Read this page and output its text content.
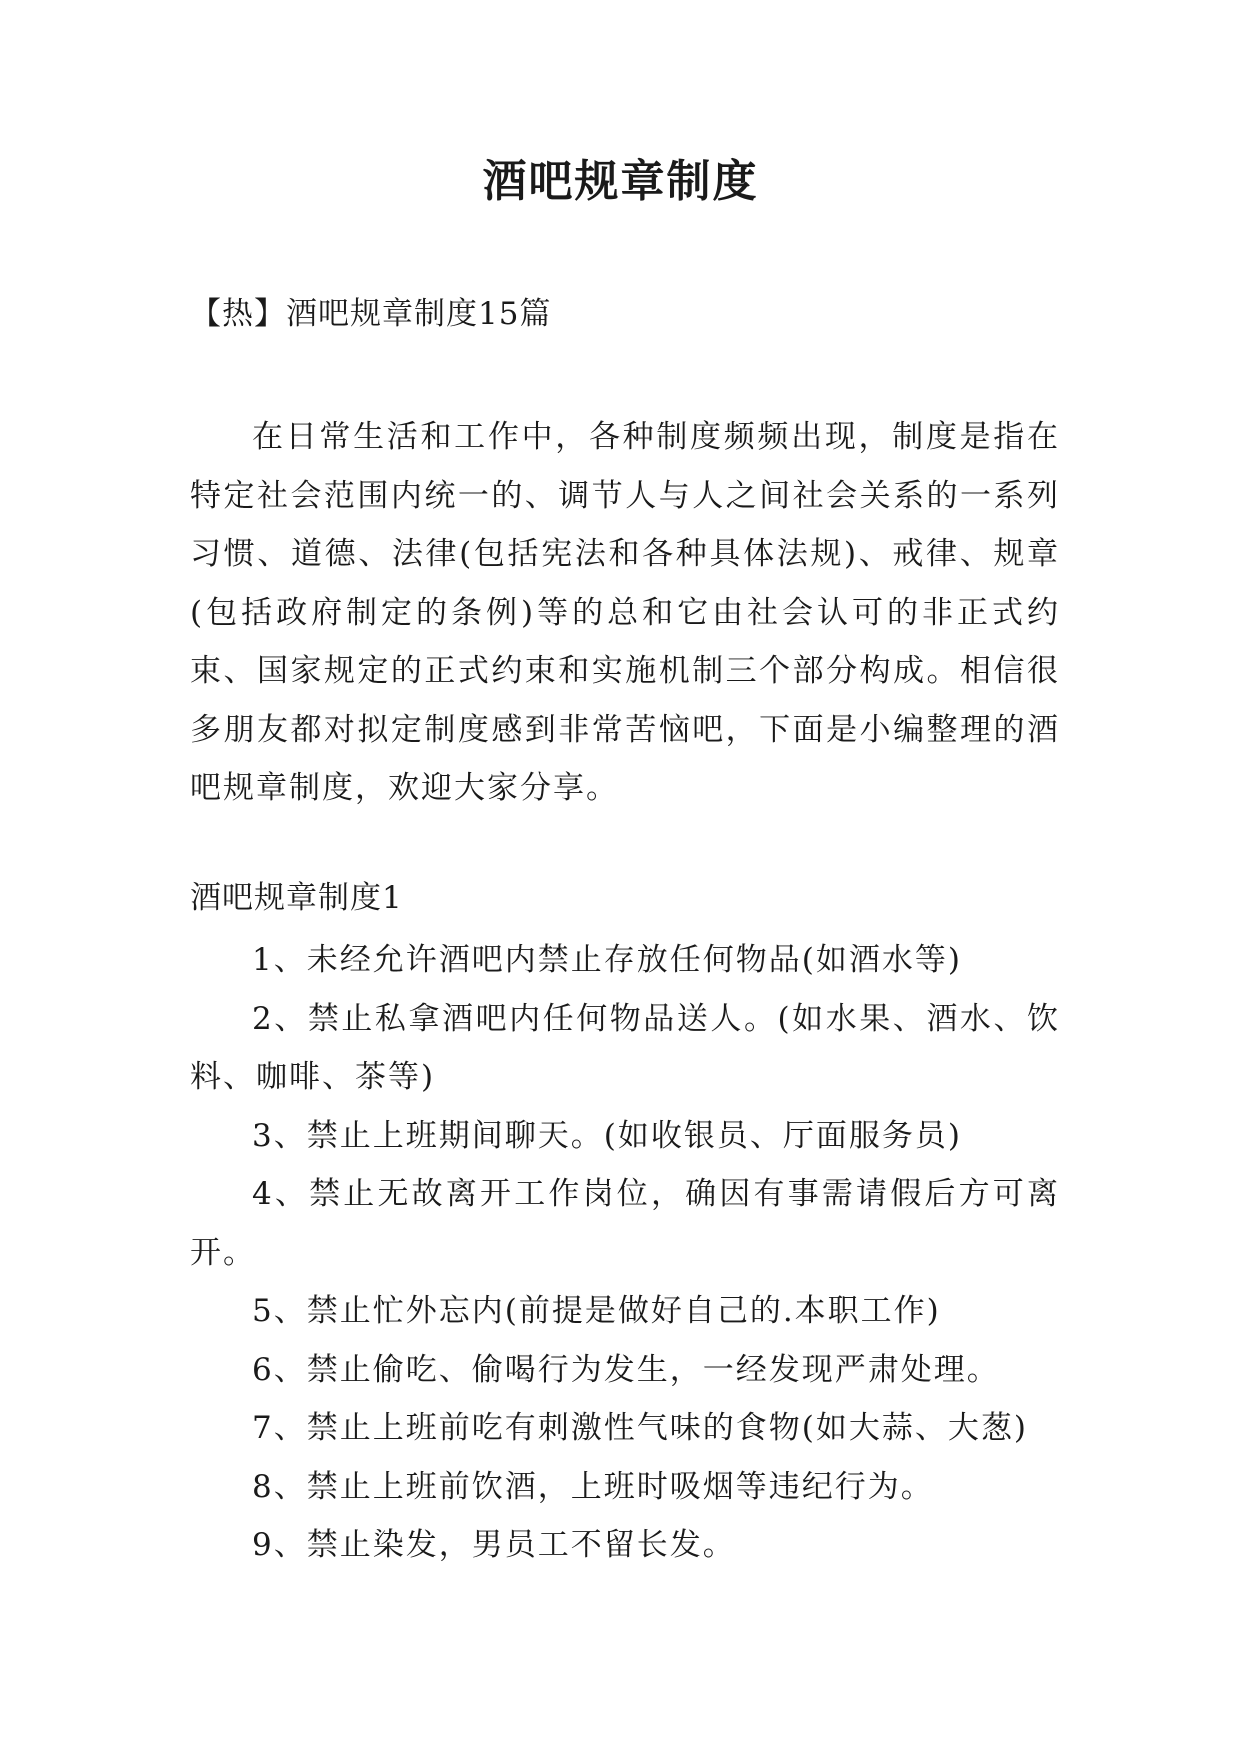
酒吧规章制度

【热】酒吧规章制度15篇

在日常生活和工作中，各种制度频频出现，制度是指在特定社会范围内统一的、调节人与人之间社会关系的一系列习惯、道德、法律(包括宪法和各种具体法规)、戒律、规章(包括政府制定的条例)等的总和它由社会认可的非正式约束、国家规定的正式约束和实施机制三个部分构成。相信很多朋友都对拟定制度感到非常苦恼吧，下面是小编整理的酒吧规章制度，欢迎大家分享。

酒吧规章制度1

1、未经允许酒吧内禁止存放任何物品(如酒水等)
2、禁止私拿酒吧内任何物品送人。(如水果、酒水、饮料、咖啡、茶等)
3、禁止上班期间聊天。(如收银员、厅面服务员)
4、禁止无故离开工作岗位，确因有事需请假后方可离开。
5、禁止忙外忘内(前提是做好自己的.本职工作)
6、禁止偷吃、偷喝行为发生，一经发现严肃处理。
7、禁止上班前吃有刺激性气味的食物(如大蒜、大葱)
8、禁止上班前饮酒，上班时吸烟等违纪行为。
9、禁止染发，男员工不留长发。
